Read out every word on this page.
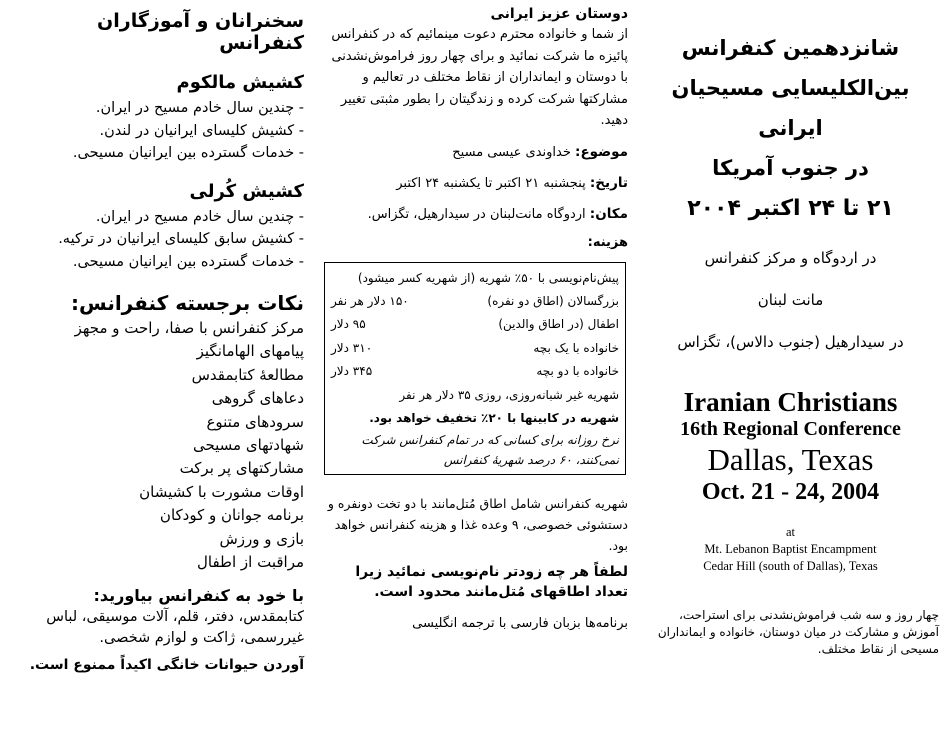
سخنرانان و آموزگاران کنفرانس
کشیش مالکوم
- چندین سال خادم مسیح در ایران.
- کشیش کلیسای ایرانیان در لندن.
- خدمات گسترده بین ایرانیان مسیحی.
کشیش کُرلی
- چندین سال خادم مسیح در ایران.
- کشیش سابق کلیسای ایرانیان در ترکیه.
- خدمات گسترده بین ایرانیان مسیحی.
نکات برجسته کنفرانس:
مرکز کنفرانس با صفا، راحت و مجهز
پیامهای الهامانگیز
مطالعهٔ کتابمقدس
دعاهای گروهی
سرودهای متنوع
شهادتهای مسیحی
مشارکتهای پر برکت
اوقات مشورت با کشیشان
برنامه جوانان و کودکان
بازی و ورزش
مراقبت از اطفال
با خود به کنفرانس بیاورید:
کتابمقدس، دفتر، قلم، آلات موسیقی، لباس غیررسمی، ژاکت و لوازم شخصی.
آوردن حیوانات خانگی اکیداً ممنوع است.
دوستان عزیز ایرانی
از شما و خانواده محترم دعوت مینمائیم که در کنفرانس پائیزه ما شرکت نمائید و برای چهار روز فراموش‌نشدنی با دوستان و ایمانداران از نقاط مختلف در تعالیم و مشارکتها شرکت کرده و زندگیتان را بطور مثبتی تغییر دهید.
موضوع: خداوندی عیسی مسیح
تاریخ: پنجشنبه ۲۱ اکتبر تا یکشنبه ۲۴ اکتبر
مکان: اردوگاه مانت‌لبنان در سیدارهیل، تگزاس.
هزینه:
پیش‌نام‌نویسی با ۵۰٪ شهریه (از شهریه کسر میشود)
بزرگسالان (اطاق دو نفره)
۱۵۰ دلار هر نفر
اطفال (در اطاق والدین)
۹۵ دلار
خانواده با یک بچه
۳۱۰ دلار
خانواده با دو بچه
۳۴۵ دلار
شهریه غیر شبانه‌روزی، روزی ۳۵ دلار هر نفر
شهریه در کابینها با ۲۰٪ تخفیف خواهد بود.
نرخ روزانه برای کسانی که در تمام کنفرانس شرکت نمی‌کنند، ۶۰ درصد شهریهٔ کنفرانس
شهریه کنفرانس شامل اطاق مُتل‌مانند با دو تخت دونفره و دستشوئی خصوصی، ۹ وعده غذا و هزینه کنفرانس خواهد بود.
لطفاً هر چه زودتر نام‌نویسی نمائید زیرا تعداد اطاقهای مُتل‌مانند محدود است.
برنامه‌ها بزبان فارسی با ترجمه انگلیسی
شانزدهمین کنفرانس
بین‌الکلیسایی مسیحیان ایرانی
در جنوب آمریکا
۲۱ تا ۲۴ اکتبر ۲۰۰۴
در اردوگاه و مرکز کنفرانس
مانت لبنان
در سیدارهیل (جنوب دالاس)، تگزاس
Iranian Christians
16th Regional Conference
Dallas, Texas
Oct. 21 - 24, 2004
at
Mt. Lebanon Baptist Encampment
Cedar Hill (south of Dallas), Texas
چهار روز و سه شب فراموش‌نشدنی برای استراحت، آموزش و مشارکت در میان دوستان، خانواده و ایمانداران مسیحی از نقاط مختلف.
